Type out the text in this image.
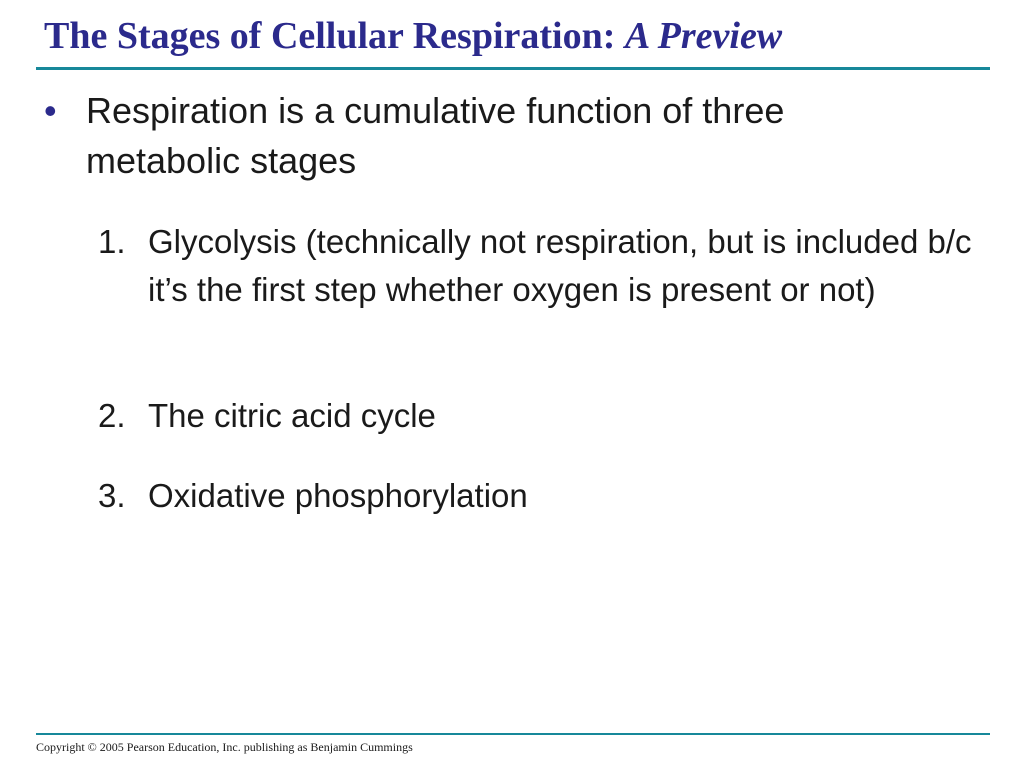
The Stages of Cellular Respiration: A Preview
• Respiration is a cumulative function of three metabolic stages
1. Glycolysis (technically not respiration, but is included b/c it’s the first step whether oxygen is present or not)
2. The citric acid cycle
3. Oxidative phosphorylation
Copyright © 2005 Pearson Education, Inc. publishing as Benjamin Cummings
